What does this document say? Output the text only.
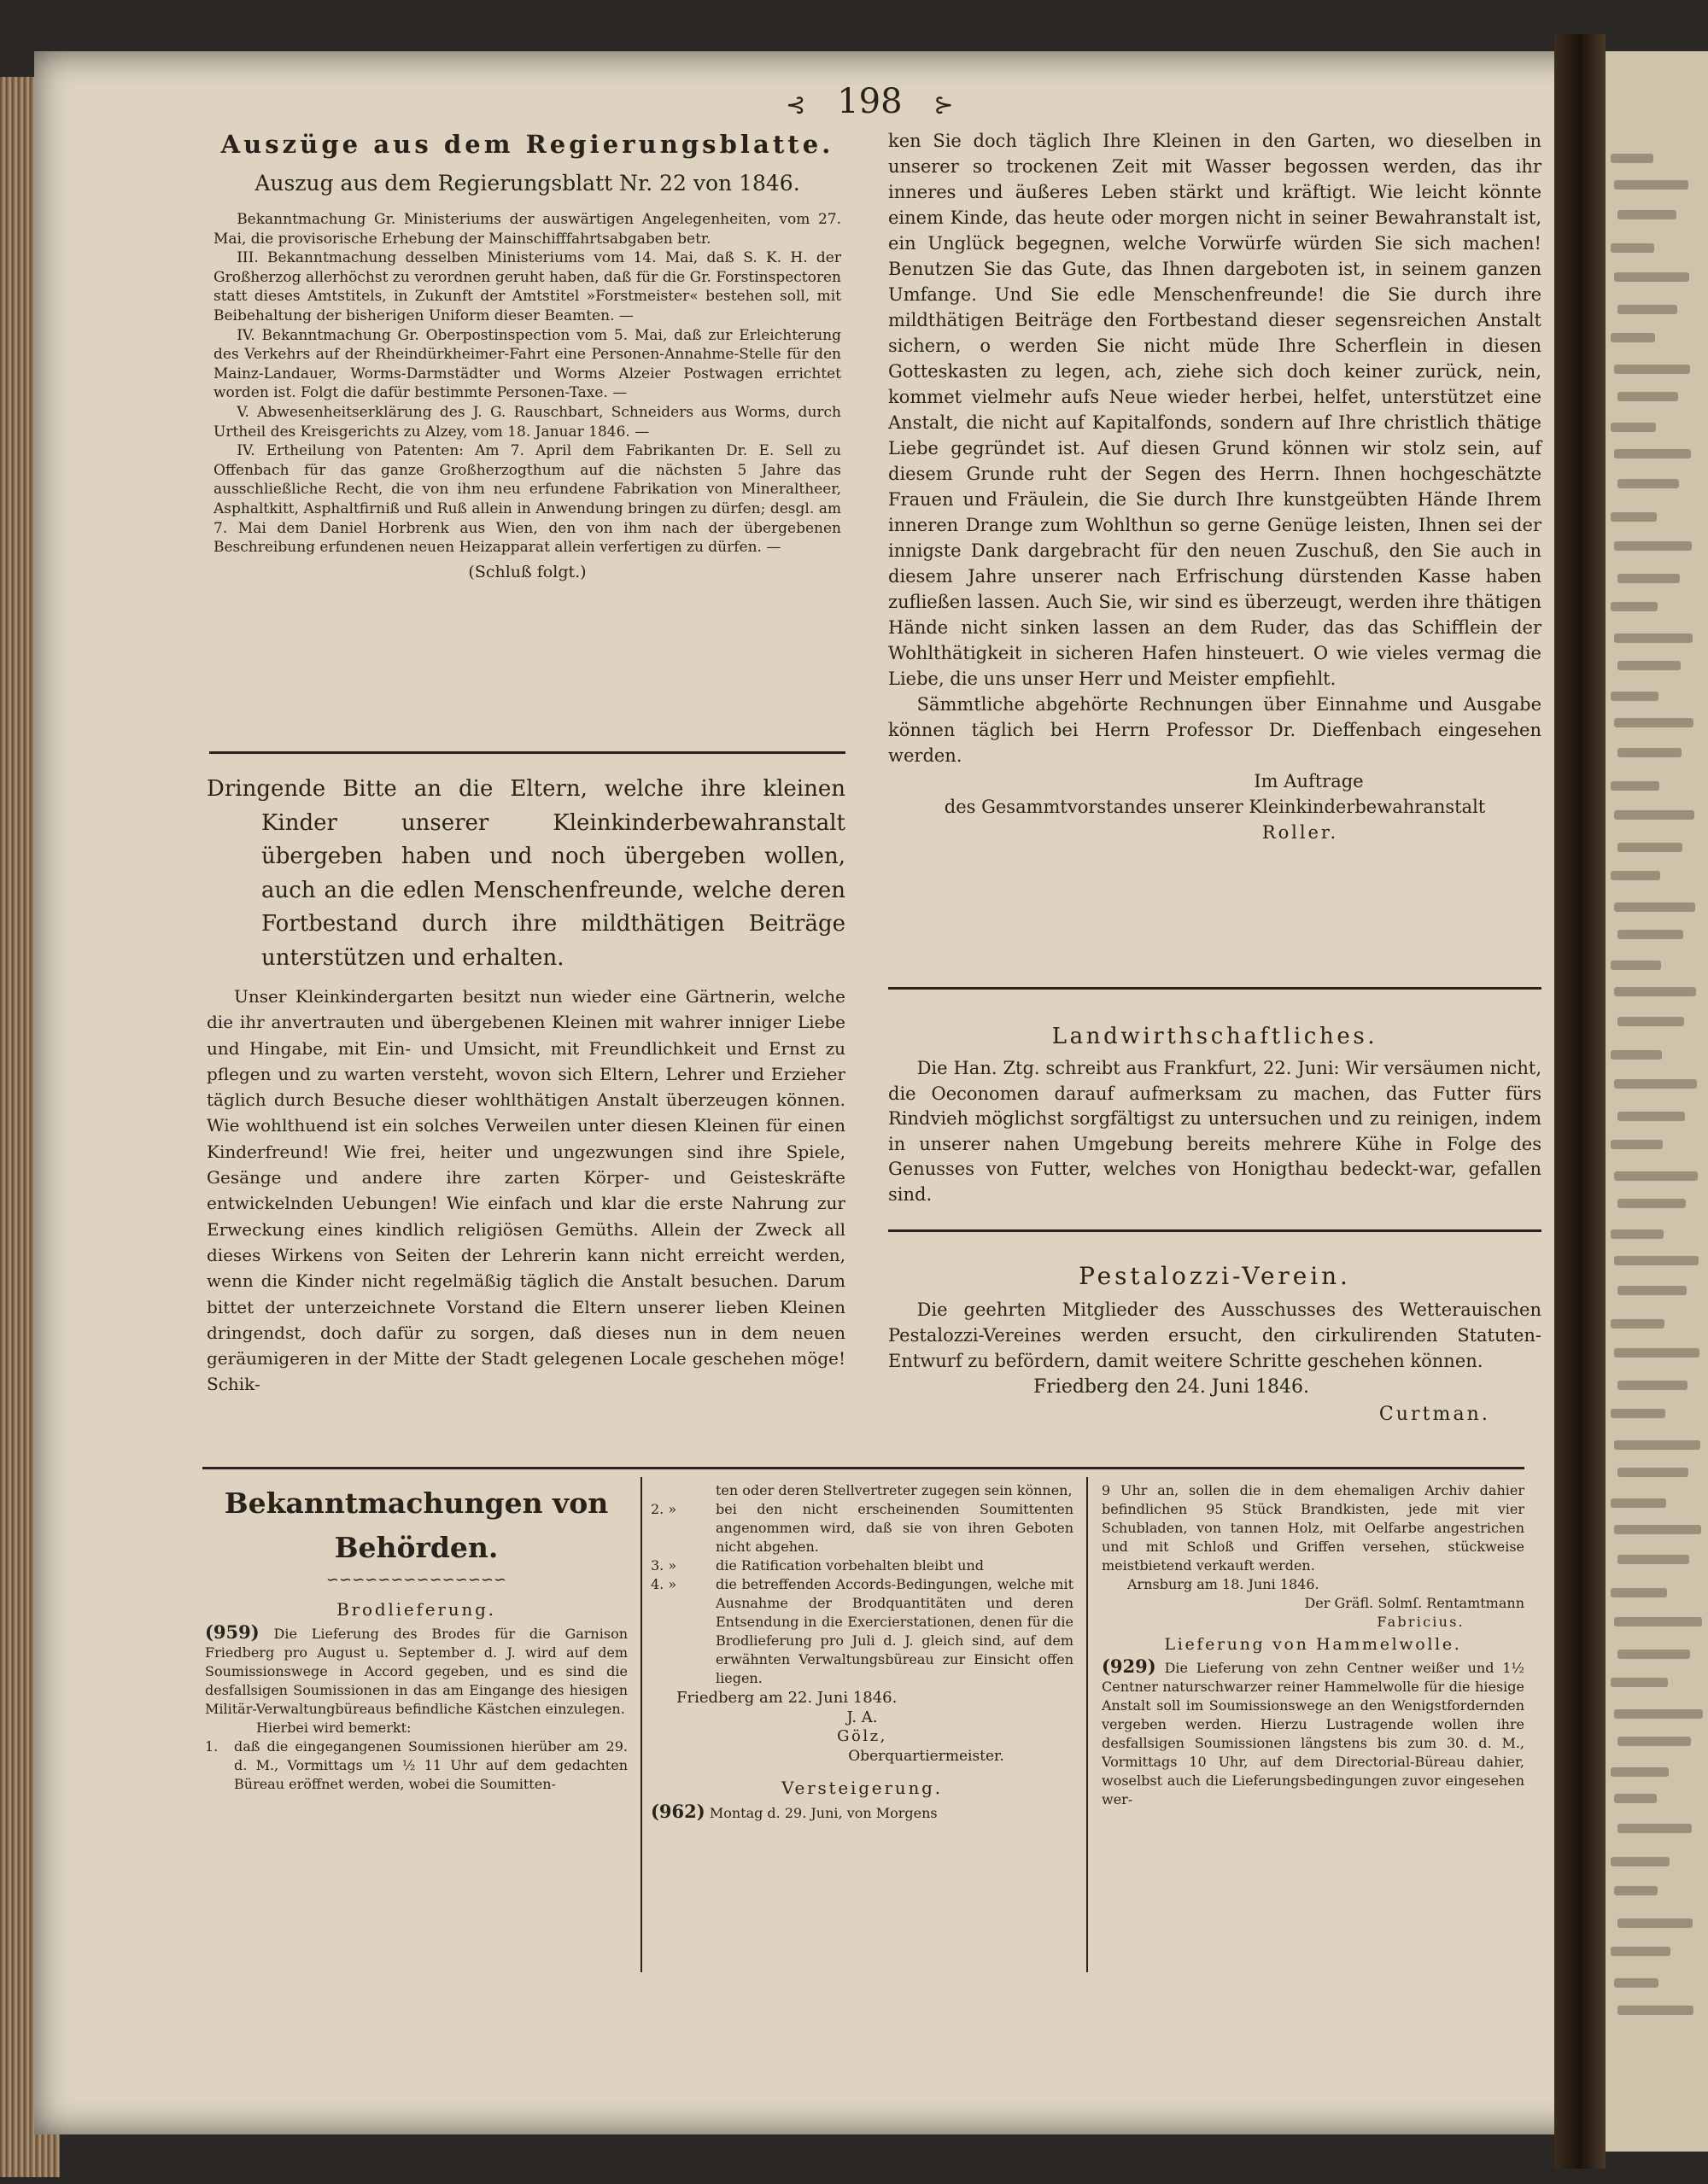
⊰ 198 ⊱
Auszüge aus dem Regierungsblatte.
Auszug aus dem Regierungsblatt Nr. 22 von 1846.

Bekanntmachung Gr. Ministeriums der auswärtigen Angelegenheiten, vom 27. Mai, die provisorische Erhebung der Mainschifffahrtsabgaben betr.

III. Bekanntmachung desselben Ministeriums vom 14. Mai, daß S. K. H. der Großherzog allerhöchst zu verordnen geruht haben, daß für die Gr. Forstinspectoren statt dieses Amtstitels, in Zukunft der Amtstitel »Forstmeister« bestehen soll, mit Beibehaltung der bisherigen Uniform dieser Beamten. —

IV. Bekanntmachung Gr. Oberpostinspection vom 5. Mai, daß zur Erleichterung des Verkehrs auf der Rheindürkheimer-Fahrt eine Personen-Annahme-Stelle für den Mainz-Landauer, Worms-Darmstädter und Worms Alzeier Postwagen errichtet worden ist. Folgt die dafür bestimmte Personen-Taxe. —

V. Abwesenheitserklärung des J. G. Rauschbart, Schneiders aus Worms, durch Urtheil des Kreisgerichts zu Alzey, vom 18. Januar 1846. —

IV. Ertheilung von Patenten: Am 7. April dem Fabrikanten Dr. E. Sell zu Offenbach für das ganze Großherzogthum auf die nächsten 5 Jahre das ausschließliche Recht, die von ihm neu erfundene Fabrikation von Mineraltheer, Asphaltkitt, Asphaltfirniß und Ruß allein in Anwendung bringen zu dürfen; desgl. am 7. Mai dem Daniel Horbrenk aus Wien, den von ihm nach der übergebenen Beschreibung erfundenen neuen Heizapparat allein verfertigen zu dürfen. —

(Schluß folgt.)

Dringende Bitte an die Eltern, welche ihre kleinen Kinder unserer Kleinkinderbewahranstalt übergeben haben und noch übergeben wollen, auch an die edlen Menschenfreunde, welche deren Fortbestand durch ihre mildthätigen Beiträge unterstützen und erhalten.

Unser Kleinkindergarten besitzt nun wieder eine Gärtnerin, welche die ihr anvertrauten und übergebenen Kleinen mit wahrer inniger Liebe und Hingabe, mit Ein- und Umsicht, mit Freundlichkeit und Ernst zu pflegen und zu warten versteht, wovon sich Eltern, Lehrer und Erzieher täglich durch Besuche dieser wohlthätigen Anstalt überzeugen können. Wie wohlthuend ist ein solches Verweilen unter diesen Kleinen für einen Kinderfreund! Wie frei, heiter und ungezwungen sind ihre Spiele, Gesänge und andere ihre zarten Körper- und Geisteskräfte entwickelnden Uebungen! Wie einfach und klar die erste Nahrung zur Erweckung eines kindlich religiösen Gemüths. Allein der Zweck all dieses Wirkens von Seiten der Lehrerin kann nicht erreicht werden, wenn die Kinder nicht regelmäßig täglich die Anstalt besuchen. Darum bittet der unterzeichnete Vorstand die Eltern unserer lieben Kleinen dringendst, doch dafür zu sorgen, daß dieses nun in dem neuen geräumigeren in der Mitte der Stadt gelegenen Locale geschehen möge! Schik-

ken Sie doch täglich Ihre Kleinen in den Garten, wo dieselben in unserer so trockenen Zeit mit Wasser begossen werden, das ihr inneres und äußeres Leben stärkt und kräftigt. Wie leicht könnte einem Kinde, das heute oder morgen nicht in seiner Bewahranstalt ist, ein Unglück begegnen, welche Vorwürfe würden Sie sich machen! Benutzen Sie das Gute, das Ihnen dargeboten ist, in seinem ganzen Umfange. Und Sie edle Menschenfreunde! die Sie durch ihre mildthätigen Beiträge den Fortbestand dieser segensreichen Anstalt sichern, o werden Sie nicht müde Ihre Scherflein in diesen Gotteskasten zu legen, ach, ziehe sich doch keiner zurück, nein, kommet vielmehr aufs Neue wieder herbei, helfet, unterstützet eine Anstalt, die nicht auf Kapitalfonds, sondern auf Ihre christlich thätige Liebe gegründet ist. Auf diesen Grund können wir stolz sein, auf diesem Grunde ruht der Segen des Herrn. Ihnen hochgeschätzte Frauen und Fräulein, die Sie durch Ihre kunstgeübten Hände Ihrem inneren Drange zum Wohlthun so gerne Genüge leisten, Ihnen sei der innigste Dank dargebracht für den neuen Zuschuß, den Sie auch in diesem Jahre unserer nach Erfrischung dürstenden Kasse haben zufließen lassen. Auch Sie, wir sind es überzeugt, werden ihre thätigen Hände nicht sinken lassen an dem Ruder, das das Schifflein der Wohlthätigkeit in sicheren Hafen hinsteuert. O wie vieles vermag die Liebe, die uns unser Herr und Meister empfiehlt.

Sämmtliche abgehörte Rechnungen über Einnahme und Ausgabe können täglich bei Herrn Professor Dr. Dieffenbach eingesehen werden.

Im Auftrage
des Gesammtvorstandes unserer Kleinkinderbewahranstalt
Roller.
Landwirthschaftliches.

Die Han. Ztg. schreibt aus Frankfurt, 22. Juni: Wir versäumen nicht, die Oeconomen darauf aufmerksam zu machen, das Futter fürs Rindvieh möglichst sorgfältigst zu untersuchen und zu reinigen, indem in unserer nahen Umgebung bereits mehrere Kühe in Folge des Genusses von Futter, welches von Honigthau bedeckt-war, gefallen sind.

Pestalozzi-Verein.

Die geehrten Mitglieder des Ausschusses des Wetterauischen Pestalozzi-Vereines werden ersucht, den cirkulirenden Statuten-Entwurf zu befördern, damit weitere Schritte geschehen können.

Friedberg den 24. Juni 1846.
Curtman.
Bekanntmachungen von Behörden.
∽∽∽∽∽∽∽∽∽∽∽∽∽∽
Brodlieferung.

(959) Die Lieferung des Brodes für die Garnison Friedberg pro August u. September d. J. wird auf dem Soumissionswege in Accord gegeben, und es sind die desfallsigen Soumissionen in das am Eingange des hiesigen Militär-Verwaltungbüreaus befindliche Kästchen einzulegen.

Hierbei wird bemerkt:
1.	daß die eingegangenen Soumissionen hierüber am 29. d. M., Vormittags um ½ 11 Uhr auf dem gedachten Büreau eröffnet werden, wobei die Soumitten-
ten oder deren Stellvertreter zugegen sein können,
2. »	bei den nicht erscheinenden Soumittenten angenommen wird, daß sie von ihren Geboten nicht abgehen.
3. »	die Ratification vorbehalten bleibt und
4. »	die betreffenden Accords-Bedingungen, welche mit Ausnahme der Brodquantitäten und deren Entsendung in die Exercierstationen, denen für die Brodlieferung pro Juli d. J. gleich sind, auf dem erwähnten Verwaltungsbüreau zur Einsicht offen liegen.
Friedberg am 22. Juni 1846.
J. A.
Gölz,
Oberquartiermeister.
Versteigerung.

(962) Montag d. 29. Juni, von Morgens

9 Uhr an, sollen die in dem ehemaligen Archiv dahier befindlichen 95 Stück Brandkisten, jede mit vier Schubladen, von tannen Holz, mit Oelfarbe angestrichen und mit Schloß und Griffen versehen, stückweise meistbietend verkauft werden.

Arnsburg am 18. Juni 1846.
Der Gräfl. Solmſ. Rentamtmann
Fabricius.
Lieferung von Hammelwolle.

(929) Die Lieferung von zehn Centner weißer und 1½ Centner naturschwarzer reiner Hammelwolle für die hiesige Anstalt soll im Soumissionswege an den Wenigstfordernden vergeben werden. Hierzu Lustragende wollen ihre desfallsigen Soumissionen längstens bis zum 30. d. M., Vormittags 10 Uhr, auf dem Directorial-Büreau dahier, woselbst auch die Lieferungsbedingungen zuvor eingesehen wer-
